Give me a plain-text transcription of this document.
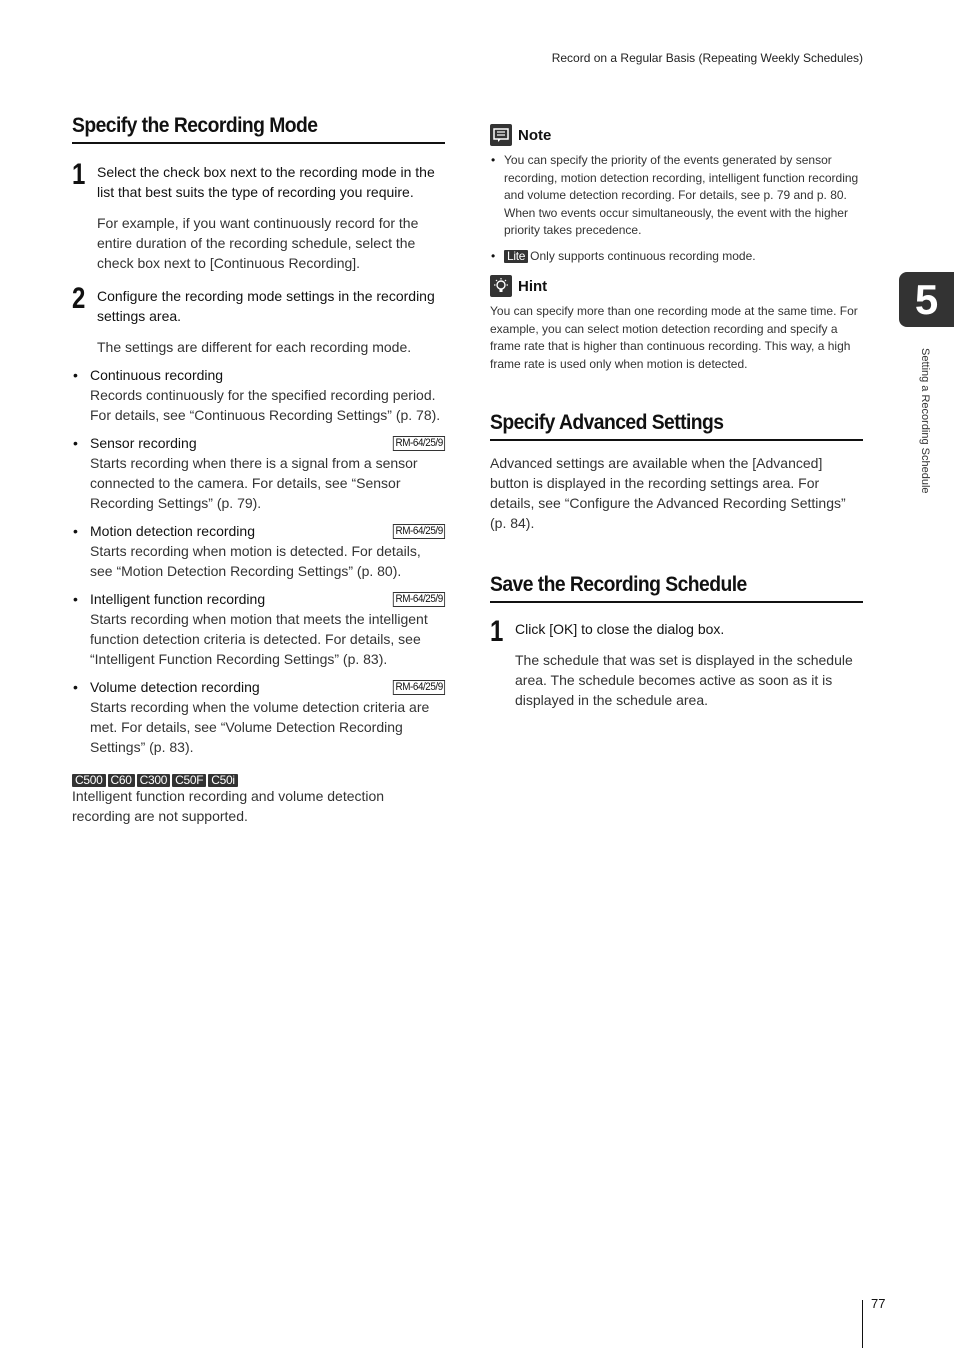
Record on a Regular Basis (Repeating Weekly Schedules)
Specify the Recording Mode
1 Select the check box next to the recording mode in the list that best suits the type of recording you require.
For example, if you want continuously record for the entire duration of the recording schedule, select the check box next to [Continuous Recording].
2 Configure the recording mode settings in the recording settings area.
The settings are different for each recording mode.
• Continuous recording
Records continuously for the specified recording period. For details, see “Continuous Recording Settings” (p. 78).
• Sensor recording	RM-64/25/9
Starts recording when there is a signal from a sensor connected to the camera. For details, see “Sensor Recording Settings” (p. 79).
• Motion detection recording	RM-64/25/9
Starts recording when motion is detected. For details, see “Motion Detection Recording Settings” (p. 80).
• Intelligent function recording	RM-64/25/9
Starts recording when motion that meets the intelligent function detection criteria is detected. For details, see “Intelligent Function Recording Settings” (p. 83).
• Volume detection recording	RM-64/25/9
Starts recording when the volume detection criteria are met. For details, see “Volume Detection Recording Settings” (p. 83).
C500 C60 C300 C50F C50i
Intelligent function recording and volume detection recording are not supported.
Note
• You can specify the priority of the events generated by sensor recording, motion detection recording, intelligent function recording and volume detection recording. For details, see p. 79 and p. 80. When two events occur simultaneously, the event with the higher priority takes precedence.
• Lite Only supports continuous recording mode.
Hint
You can specify more than one recording mode at the same time. For example, you can select motion detection recording and specify a frame rate that is higher than continuous recording. This way, a high frame rate is used only when motion is detected.
Specify Advanced Settings
Advanced settings are available when the [Advanced] button is displayed in the recording settings area. For details, see “Configure the Advanced Recording Settings” (p. 84).
Save the Recording Schedule
1 Click [OK] to close the dialog box.
The schedule that was set is displayed in the schedule area. The schedule becomes active as soon as it is displayed in the schedule area.
5
Setting a Recording Schedule
77
